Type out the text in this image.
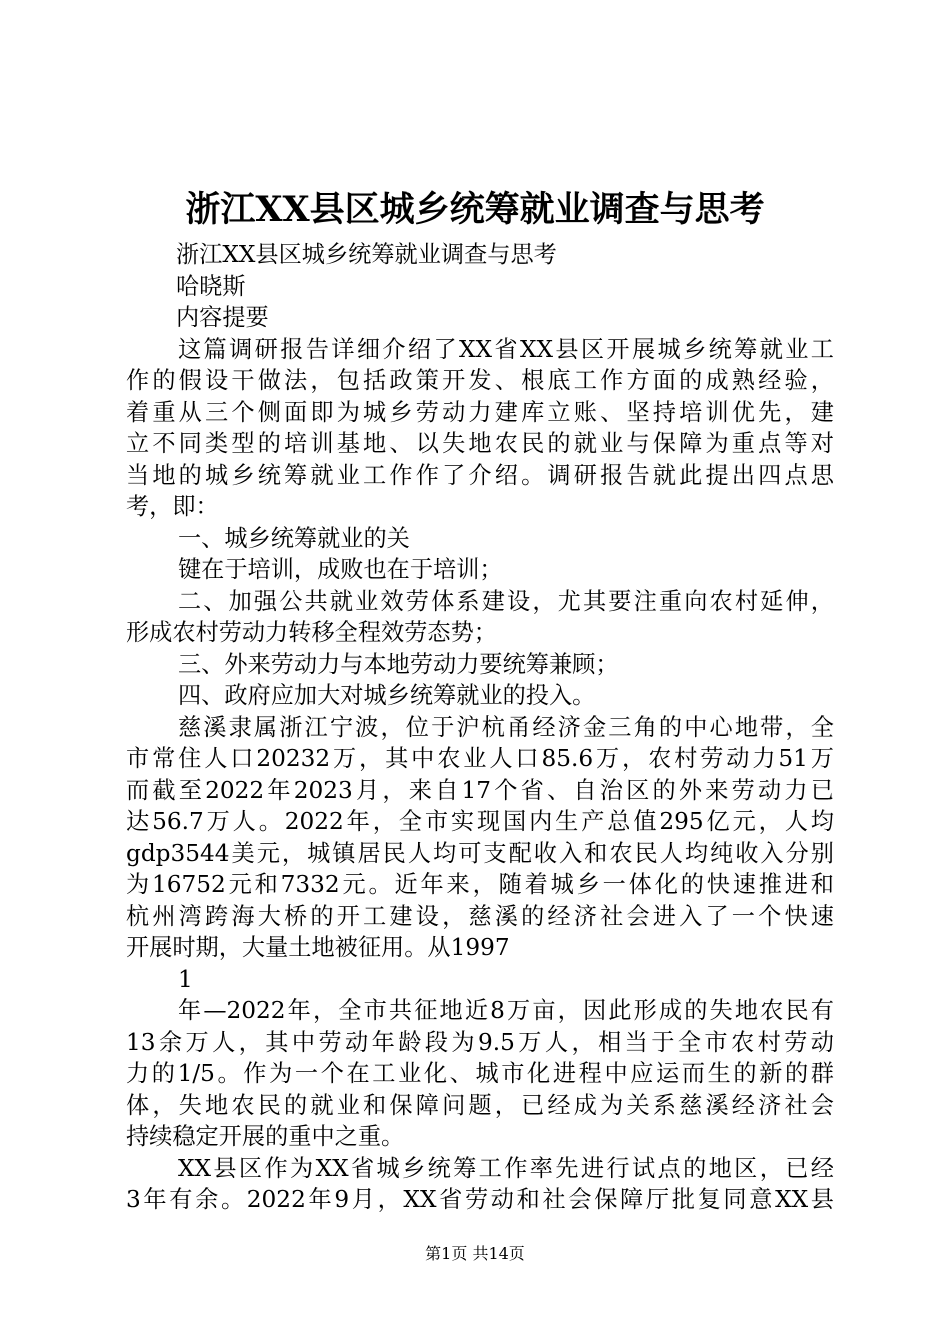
浙江XX县区城乡统筹就业调查与思考
浙江XX县区城乡统筹就业调查与思考
哈晓斯
内容提要
这篇调研报告详细介绍了XX省XX县区开展城乡统筹就业工
作的假设干做法，包括政策开发、根底工作方面的成熟经验，
着重从三个侧面即为城乡劳动力建库立账、坚持培训优先，建
立不同类型的培训基地、以失地农民的就业与保障为重点等对
当地的城乡统筹就业工作作了介绍。调研报告就此提出四点思
考，即：
一、城乡统筹就业的关
键在于培训，成败也在于培训；
二、加强公共就业效劳体系建设，尤其要注重向农村延伸，
形成农村劳动力转移全程效劳态势；
三、外来劳动力与本地劳动力要统筹兼顾；
四、政府应加大对城乡统筹就业的投入。
慈溪隶属浙江宁波，位于沪杭甬经济金三角的中心地带，全
市常住人口20232万，其中农业人口85.6万，农村劳动力51万
而截至2022年2023月，来自17个省、自治区的外来劳动力已
达56.7万人。2022年，全市实现国内生产总值295亿元，人均
gdp3544美元，城镇居民人均可支配收入和农民人均纯收入分别
为16752元和7332元。近年来，随着城乡一体化的快速推进和
杭州湾跨海大桥的开工建设，慈溪的经济社会进入了一个快速
开展时期，大量土地被征用。从1997
1
年—2022年，全市共征地近8万亩，因此形成的失地农民有
13余万人，其中劳动年龄段为9.5万人，相当于全市农村劳动
力的1/5。作为一个在工业化、城市化进程中应运而生的新的群
体，失地农民的就业和保障问题，已经成为关系慈溪经济社会
持续稳定开展的重中之重。
XX县区作为XX省城乡统筹工作率先进行试点的地区，已经
3年有余。2022年9月，XX省劳动和社会保障厅批复同意XX县
第1页 共14页
